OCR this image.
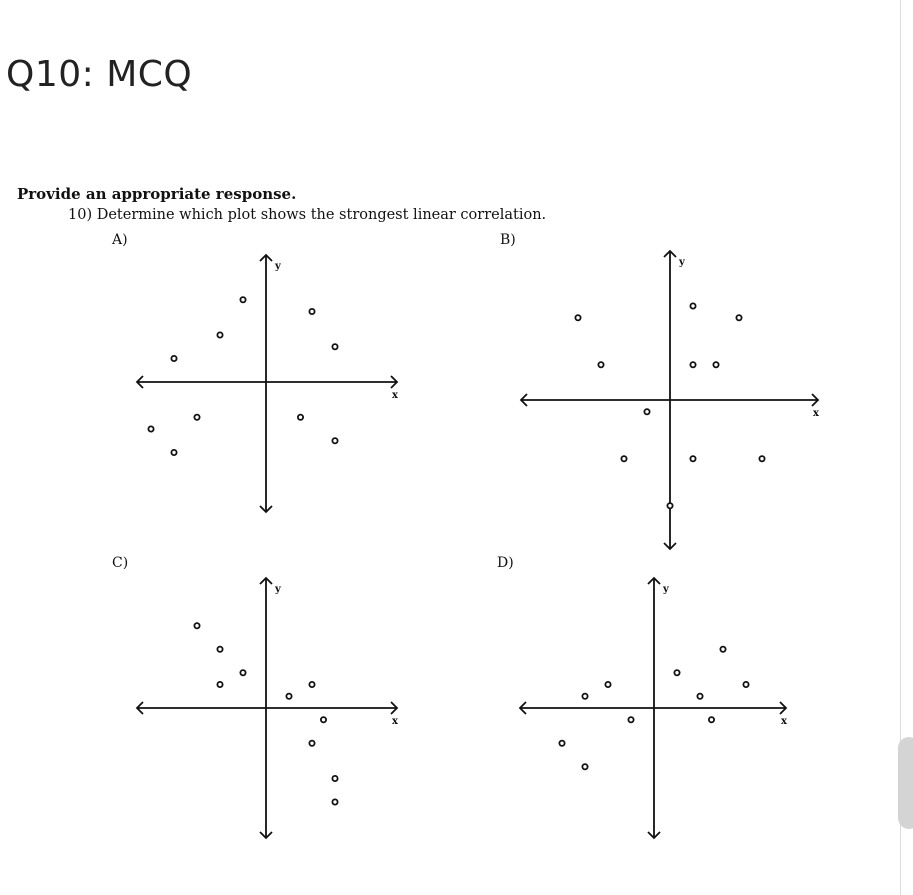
Q10: MCQ
Provide an appropriate response.
10) Determine which plot shows the strongest linear correlation.
A)	B)
C)	D)
x
y
x
y
x
y
x
y
